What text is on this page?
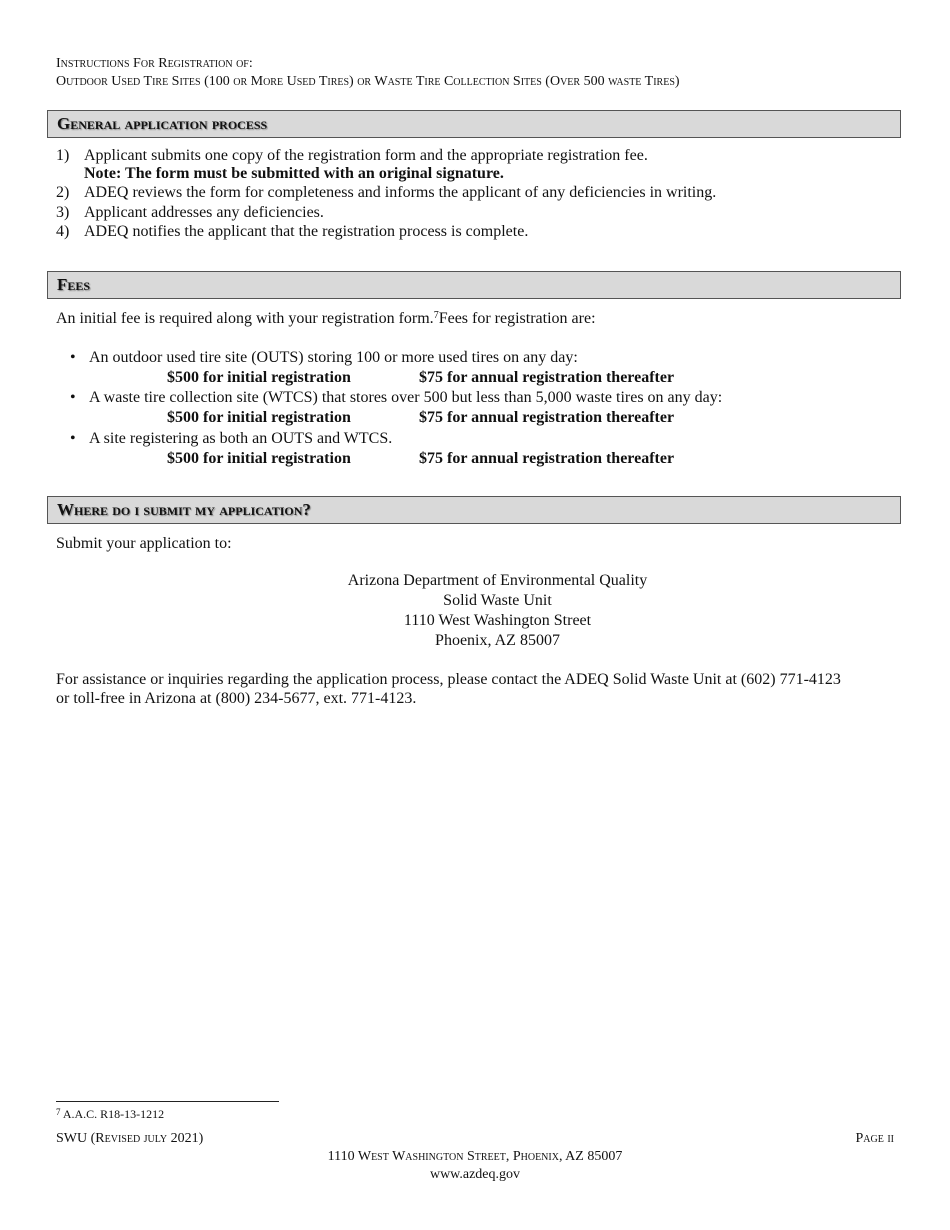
Instructions For Registration of:
Outdoor Used Tire Sites (100 or More Used Tires) or Waste Tire Collection Sites (Over 500 waste Tires)
General application process
1) Applicant submits one copy of the registration form and the appropriate registration fee.
Note: The form must be submitted with an original signature.
2) ADEQ reviews the form for completeness and informs the applicant of any deficiencies in writing.
3) Applicant addresses any deficiencies.
4) ADEQ notifies the applicant that the registration process is complete.
Fees
An initial fee is required along with your registration form.$^7$Fees for registration are:
• An outdoor used tire site (OUTS) storing 100 or more used tires on any day:
$500 for initial registration	$75 for annual registration thereafter
• A waste tire collection site (WTCS) that stores over 500 but less than 5,000 waste tires on any day:
$500 for initial registration	$75 for annual registration thereafter
• A site registering as both an OUTS and WTCS.
$500 for initial registration	$75 for annual registration thereafter
Where do i submit my application?
Submit your application to:
Arizona Department of Environmental Quality
Solid Waste Unit
1110 West Washington Street
Phoenix, AZ 85007
For assistance or inquiries regarding the application process, please contact the ADEQ Solid Waste Unit at (602) 771-4123
or toll-free in Arizona at (800) 234-5677, ext. 771-4123.
$^7$ A.A.C. R18-13-1212
SWU (Revised july 2021)	Page ii
1110 West Washington Street, Phoenix, AZ 85007
www.azdeq.gov
